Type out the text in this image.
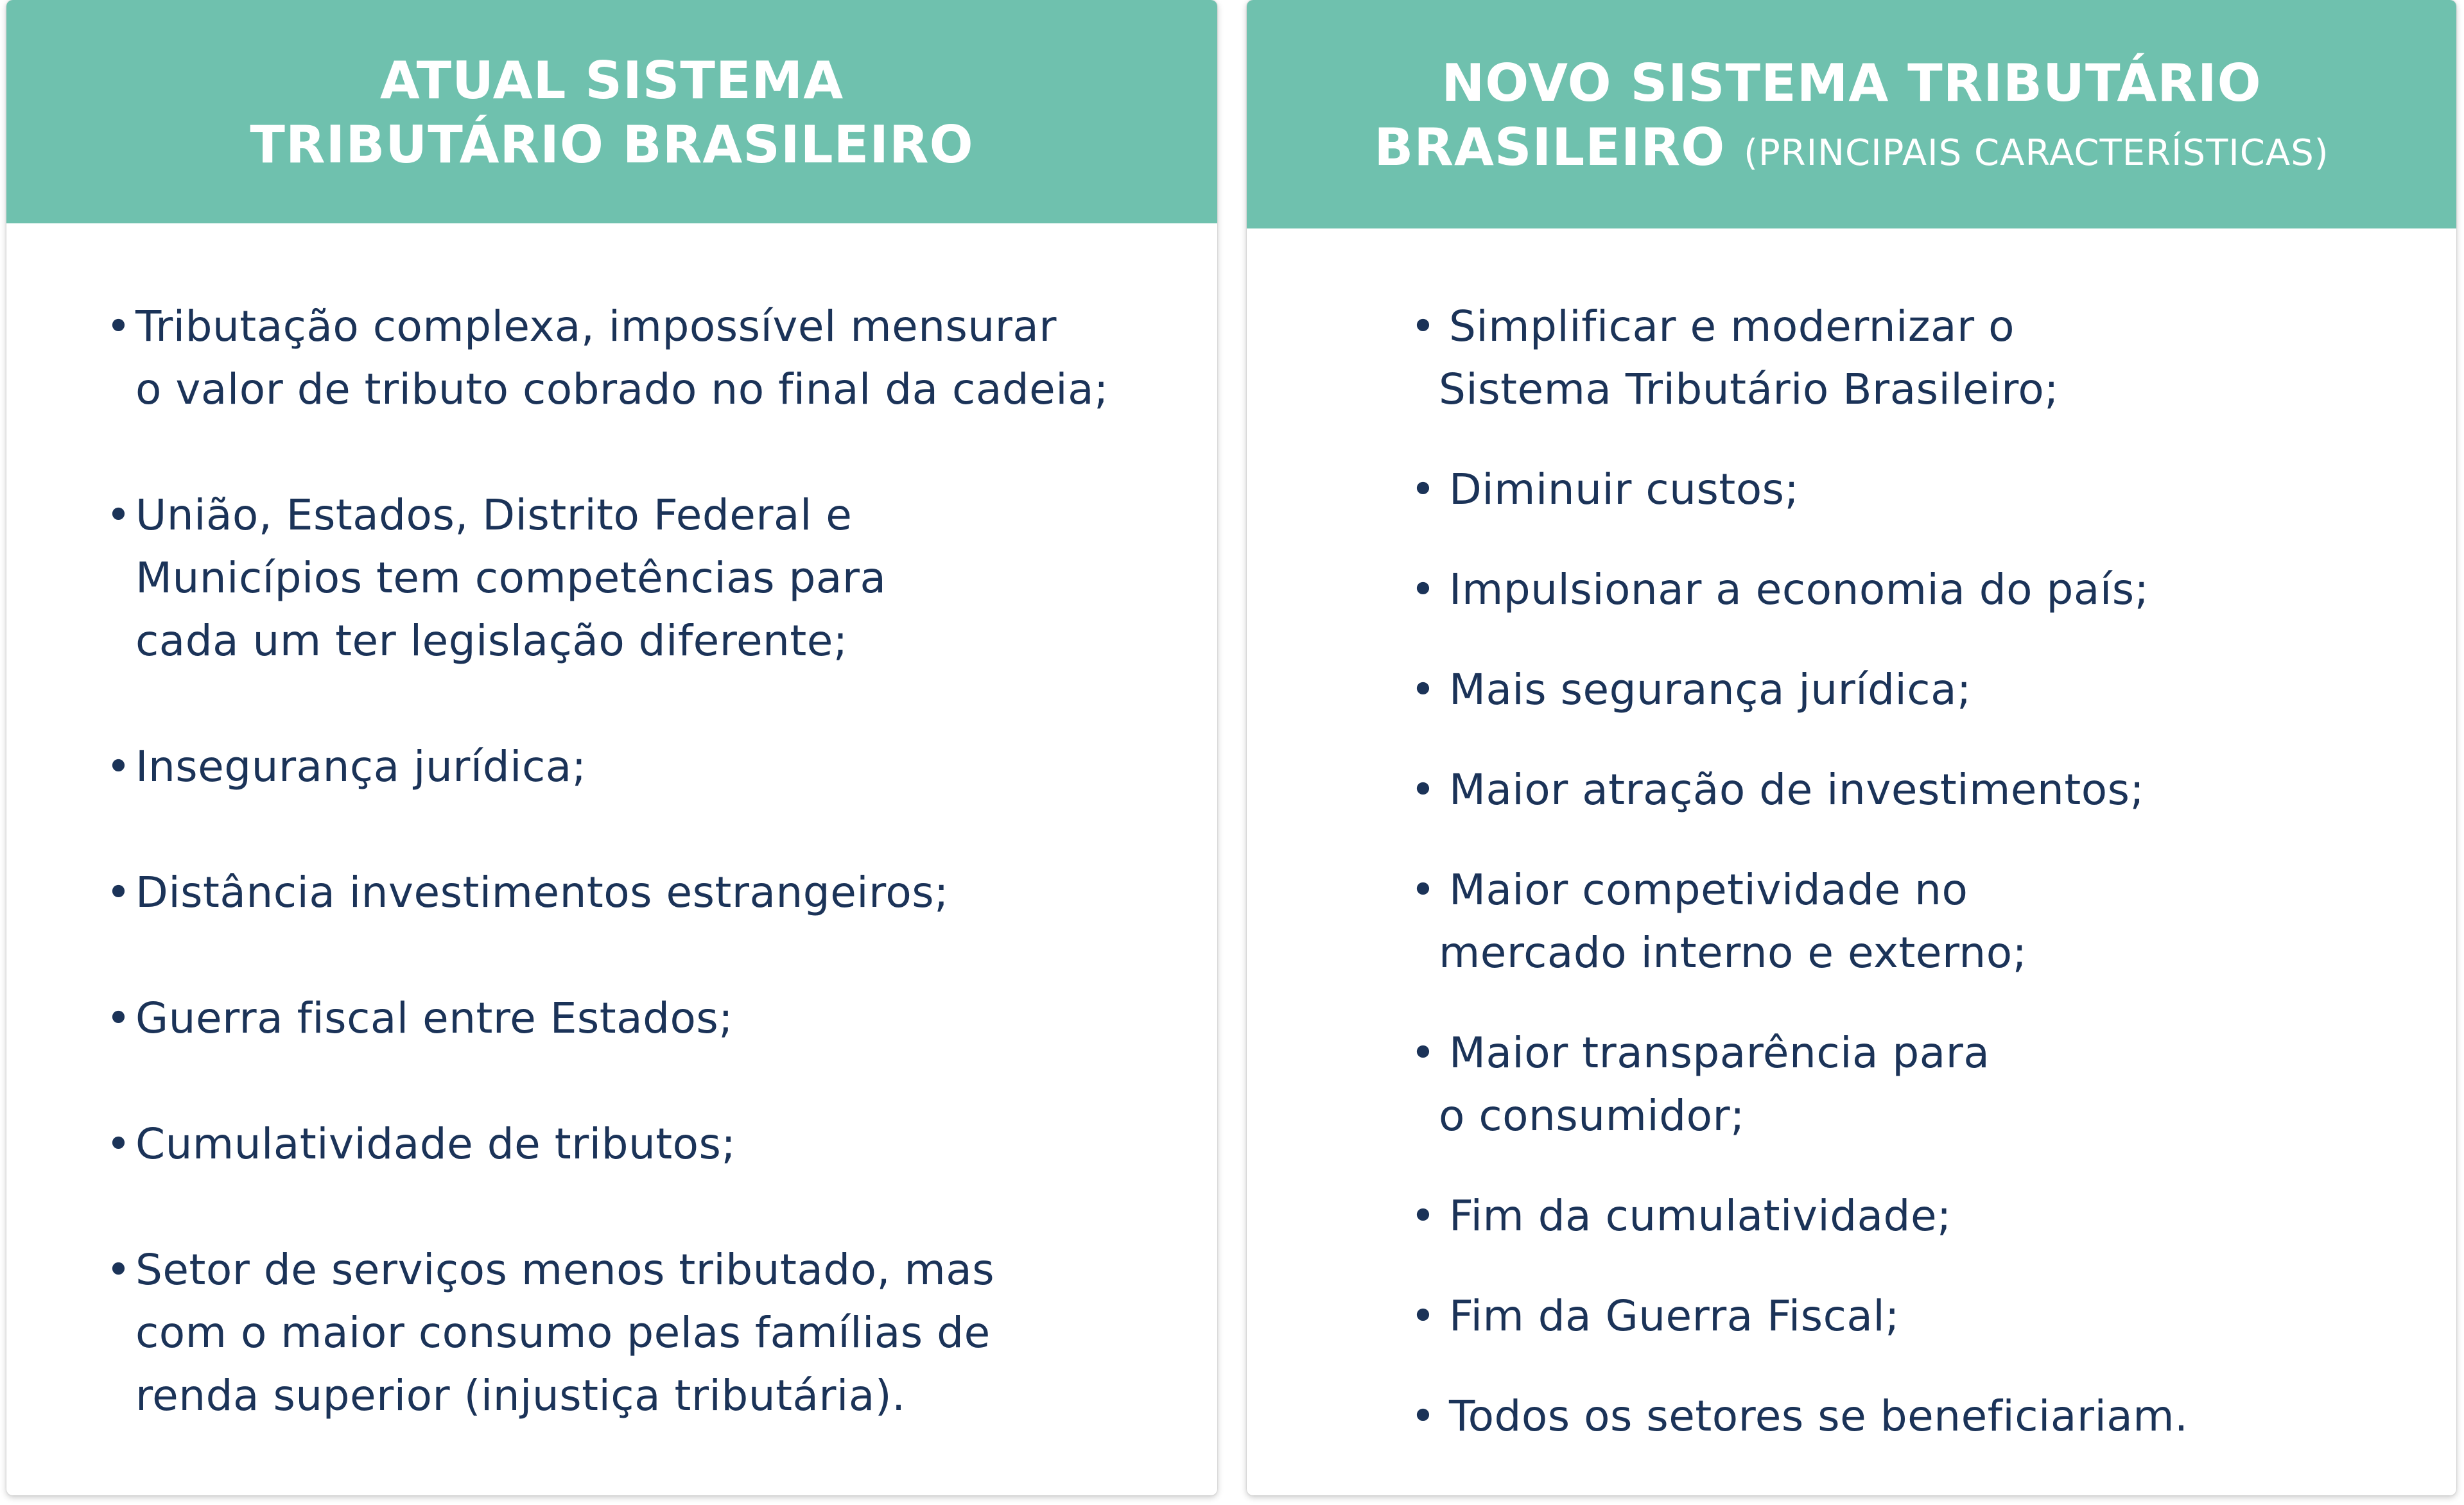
ATUAL SISTEMA
TRIBUTÁRIO BRASILEIRO
• Tributação complexa, impossível mensurar
o valor de tributo cobrado no final da cadeia;
• União, Estados, Distrito Federal e
Municípios tem competências para
cada um ter legislação diferente;
• Insegurança jurídica;
• Distância investimentos estrangeiros;
• Guerra fiscal entre Estados;
• Cumulatividade de tributos;
• Setor de serviços menos tributado, mas
com o maior consumo pelas famílias de
renda superior (injustiça tributária).
NOVO SISTEMA TRIBUTÁRIO
BRASILEIRO (PRINCIPAIS CARACTERÍSTICAS)
• Simplificar e modernizar o
Sistema Tributário Brasileiro;
• Diminuir custos;
• Impulsionar a economia do país;
• Mais segurança jurídica;
• Maior atração de investimentos;
• Maior competividade no
mercado interno e externo;
• Maior transparência para
o consumidor;
• Fim da cumulatividade;
• Fim da Guerra Fiscal;
• Todos os setores se beneficiariam.
